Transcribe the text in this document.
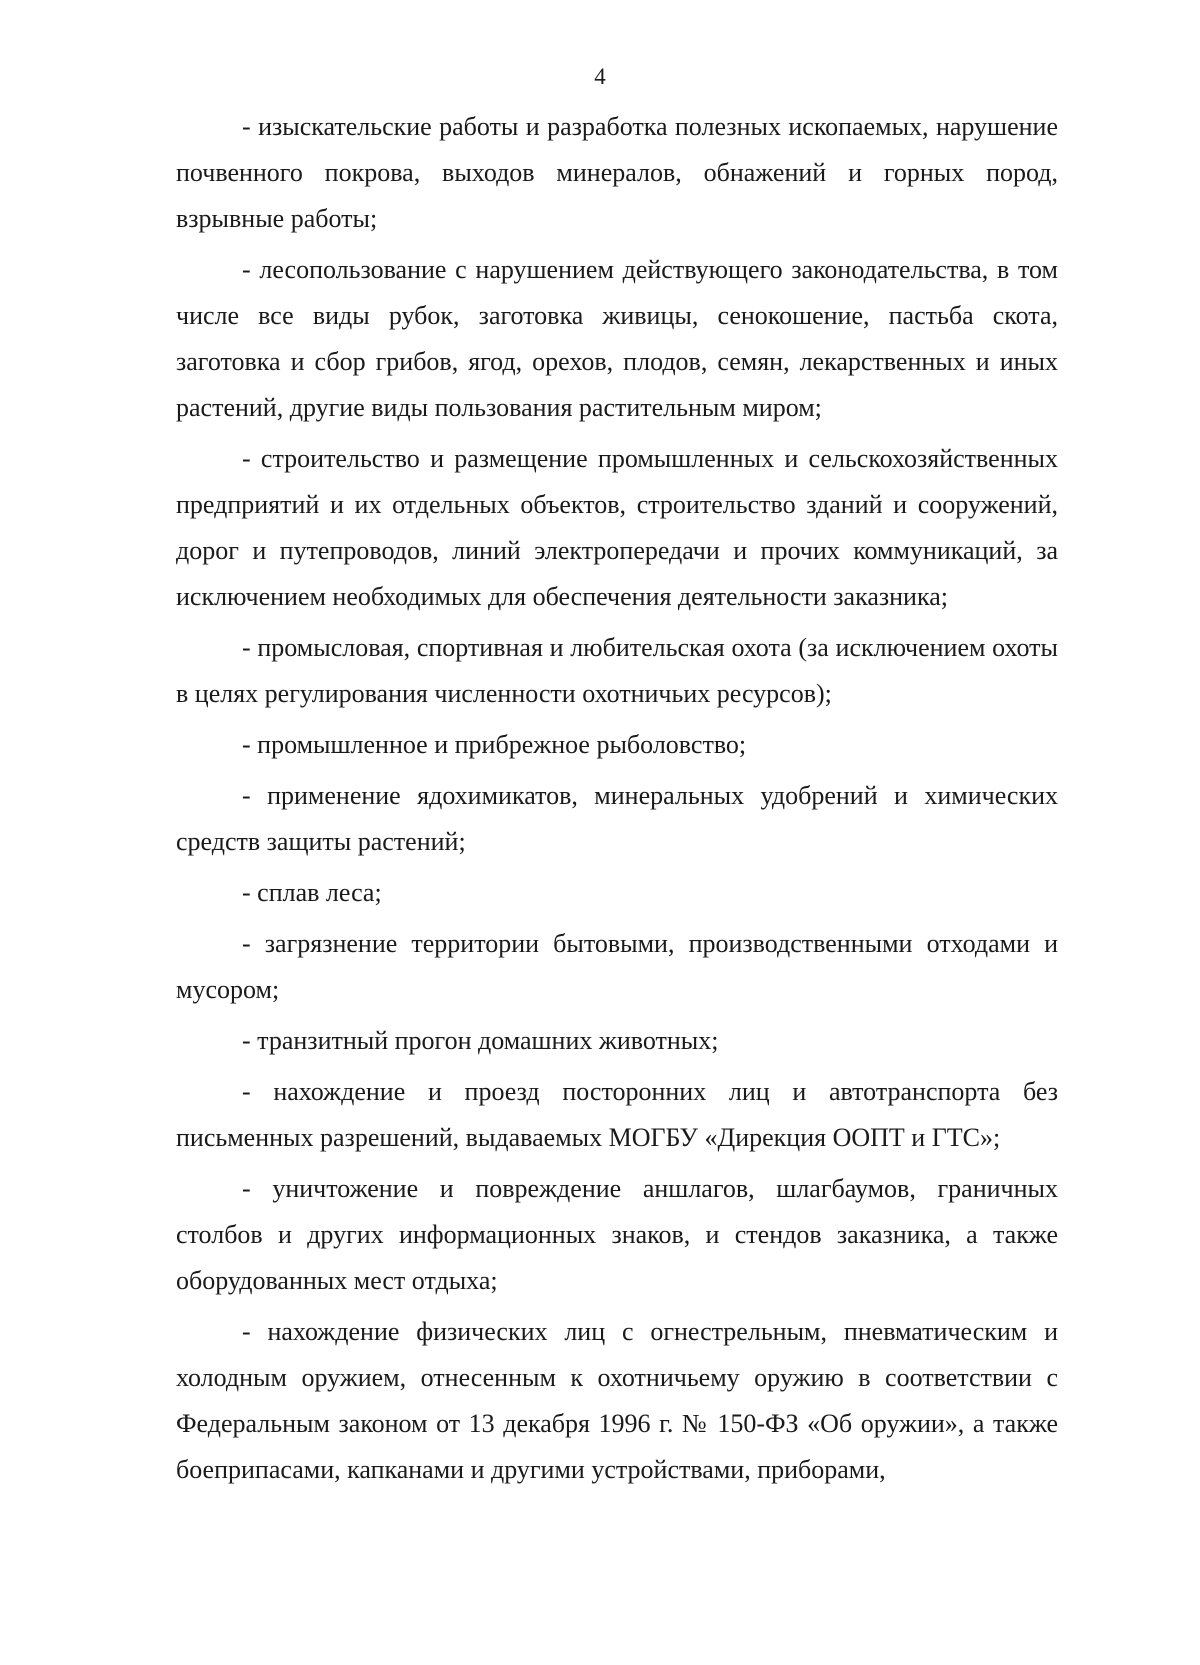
4

- изыскательские работы и разработка полезных ископаемых, нарушение почвенного покрова, выходов минералов, обнажений и горных пород, взрывные работы;

- лесопользование с нарушением действующего законодательства, в том числе все виды рубок, заготовка живицы, сенокошение, пастьба скота, заготовка и сбор грибов, ягод, орехов, плодов, семян, лекарственных и иных растений, другие виды пользования растительным миром;

- строительство и размещение промышленных и сельскохозяйственных предприятий и их отдельных объектов, строительство зданий и сооружений, дорог и путепроводов, линий электропередачи и прочих коммуникаций, за исключением необходимых для обеспечения деятельности заказника;

- промысловая, спортивная и любительская охота (за исключением охоты в целях регулирования численности охотничьих ресурсов);

- промышленное и прибрежное рыболовство;

- применение ядохимикатов, минеральных удобрений и химических средств защиты растений;

- сплав леса;

- загрязнение территории бытовыми, производственными отходами и мусором;

- транзитный прогон домашних животных;

- нахождение и проезд посторонних лиц и автотранспорта без письменных разрешений, выдаваемых МОГБУ «Дирекция ООПТ и ГТС»;

- уничтожение и повреждение аншлагов, шлагбаумов, граничных столбов и других информационных знаков, и стендов заказника, а также оборудованных мест отдыха;

- нахождение физических лиц с огнестрельным, пневматическим и холодным оружием, отнесенным к охотничьему оружию в соответствии с Федеральным законом от 13 декабря 1996 г. № 150-ФЗ «Об оружии», а также боеприпасами, капканами и другими устройствами, приборами,
